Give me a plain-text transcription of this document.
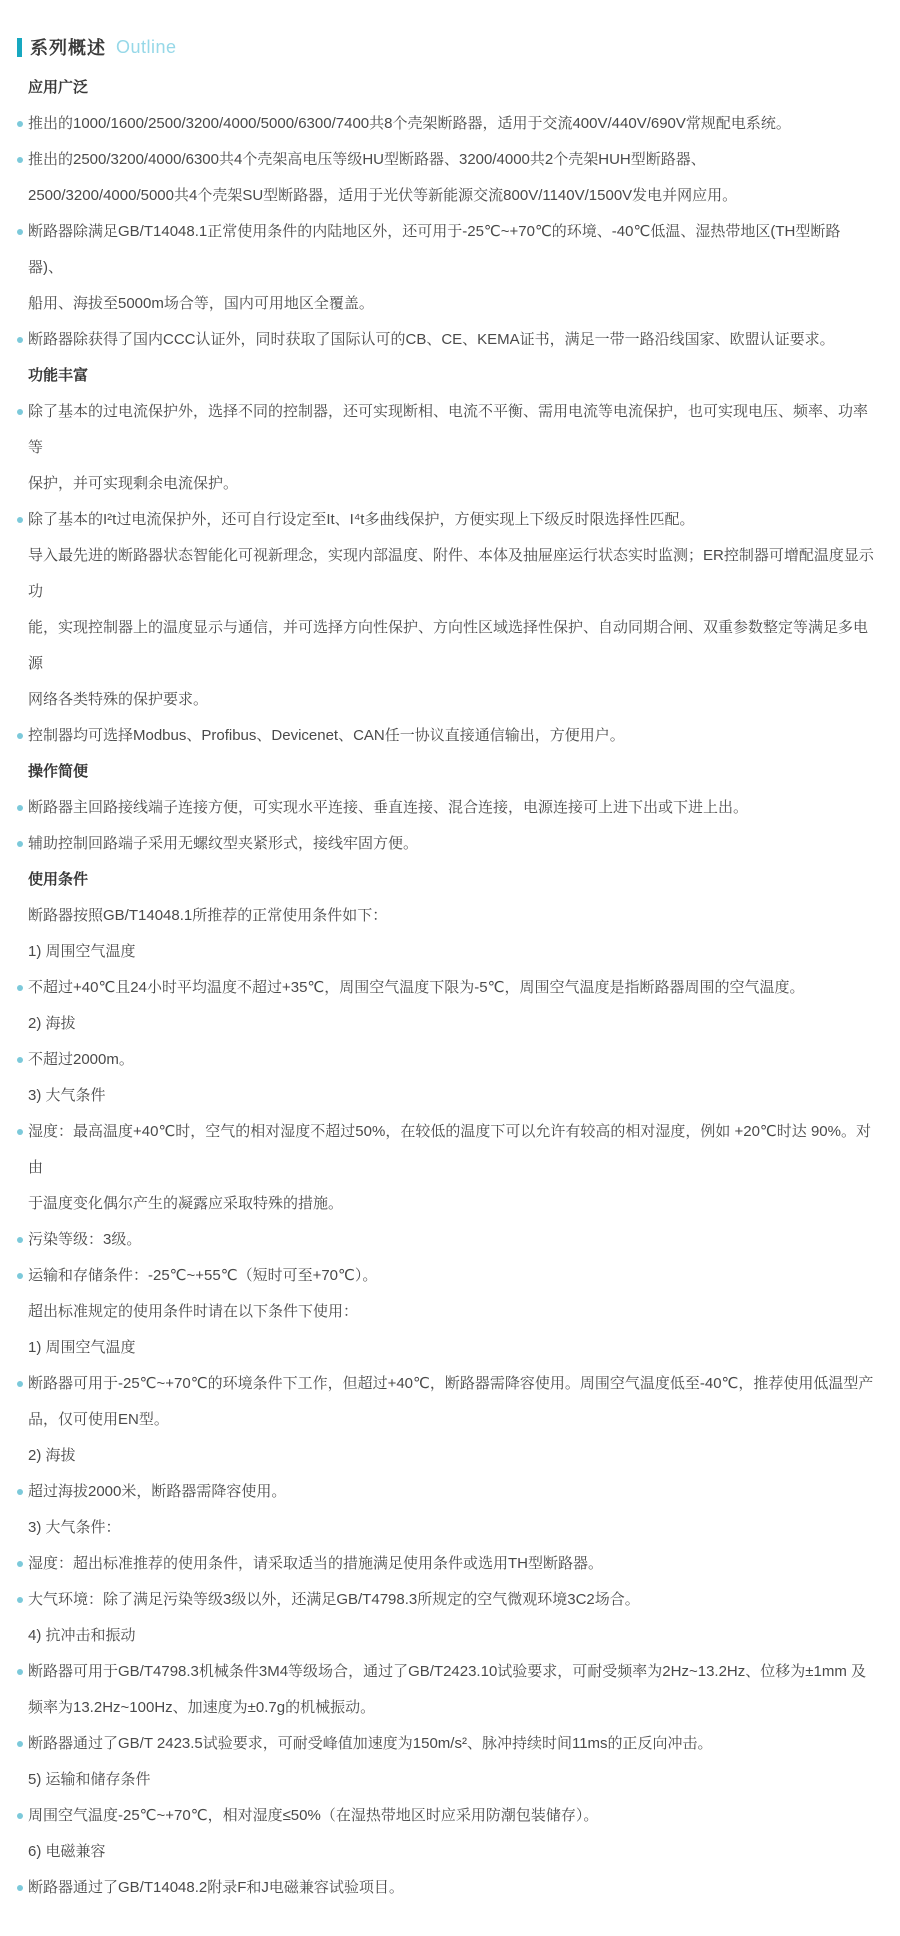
系列概述 Outline

应用广泛

推出的1000/1600/2500/3200/4000/5000/6300/7400共8个壳架断路器，适用于交流400V/440V/690V常规配电系统。

推出的2500/3200/4000/6300共4个壳架高电压等级HU型断路器、3200/4000共2个壳架HUH型断路器、
2500/3200/4000/5000共4个壳架SU型断路器，适用于光伏等新能源交流800V/1140V/1500V发电并网应用。

断路器除满足GB/T14048.1正常使用条件的内陆地区外，还可用于-25℃~+70℃的环境、-40℃低温、湿热带地区(TH型断路器)、
船用、海拔至5000m场合等，国内可用地区全覆盖。

断路器除获得了国内CCC认证外，同时获取了国际认可的CB、CE、KEMA证书，满足一带一路沿线国家、欧盟认证要求。

功能丰富

除了基本的过电流保护外，选择不同的控制器，还可实现断相、电流不平衡、需用电流等电流保护，也可实现电压、频率、功率等
保护，并可实现剩余电流保护。

除了基本的I²t过电流保护外，还可自行设定至It、I⁴t多曲线保护，方便实现上下级反时限选择性匹配。

导入最先进的断路器状态智能化可视新理念，实现内部温度、附件、本体及抽屉座运行状态实时监测；ER控制器可增配温度显示功
能，实现控制器上的温度显示与通信，并可选择方向性保护、方向性区域选择性保护、自动同期合闸、双重参数整定等满足多电源
网络各类特殊的保护要求。

控制器均可选择Modbus、Profibus、Devicenet、CAN任一协议直接通信输出，方便用户。

操作简便

断路器主回路接线端子连接方便，可实现水平连接、垂直连接、混合连接，电源连接可上进下出或下进上出。

辅助控制回路端子采用无螺纹型夹紧形式，接线牢固方便。

使用条件

断路器按照GB/T14048.1所推荐的正常使用条件如下：

1) 周围空气温度

不超过+40℃且24小时平均温度不超过+35℃，周围空气温度下限为-5℃，周围空气温度是指断路器周围的空气温度。

2) 海拔

不超过2000m。

3) 大气条件

湿度：最高温度+40℃时，空气的相对湿度不超过50%，在较低的温度下可以允许有较高的相对湿度，例如 +20℃时达 90%。对由
于温度变化偶尔产生的凝露应采取特殊的措施。

污染等级：3级。

运输和存储条件：-25℃~+55℃（短时可至+70℃）。

超出标准规定的使用条件时请在以下条件下使用：

1) 周围空气温度

断路器可用于-25℃~+70℃的环境条件下工作，但超过+40℃，断路器需降容使用。周围空气温度低至-40℃，推荐使用低温型产
品，仅可使用EN型。

2) 海拔

超过海拔2000米，断路器需降容使用。

3) 大气条件：

湿度：超出标准推荐的使用条件，请采取适当的措施满足使用条件或选用TH型断路器。

大气环境：除了满足污染等级3级以外，还满足GB/T4798.3所规定的空气微观环境3C2场合。

4) 抗冲击和振动

断路器可用于GB/T4798.3机械条件3M4等级场合，通过了GB/T2423.10试验要求，可耐受频率为2Hz~13.2Hz、位移为±1mm 及
频率为13.2Hz~100Hz、加速度为±0.7g的机械振动。

断路器通过了GB/T 2423.5试验要求，可耐受峰值加速度为150m/s²、脉冲持续时间11ms的正反向冲击。

5) 运输和储存条件

周围空气温度-25℃~+70℃，相对湿度≤50%（在湿热带地区时应采用防潮包装储存）。

6) 电磁兼容

断路器通过了GB/T14048.2附录F和J电磁兼容试验项目。
